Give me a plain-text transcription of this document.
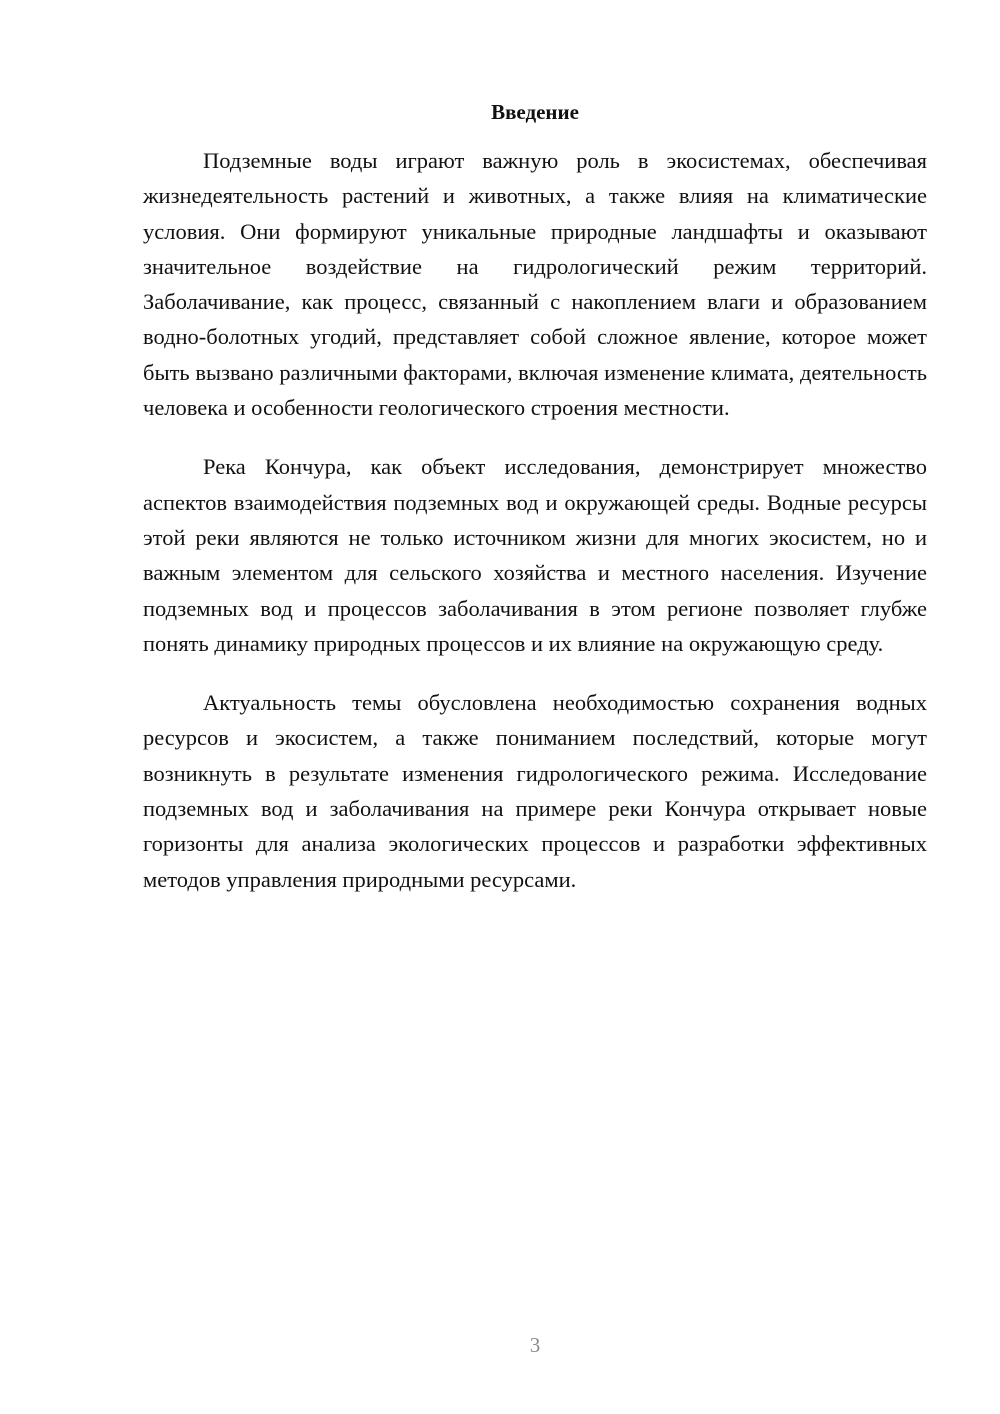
Введение

Подземные воды играют важную роль в экосистемах, обеспечивая жизнедеятельность растений и животных, а также влияя на климатические условия. Они формируют уникальные природные ландшафты и оказывают значительное воздействие на гидрологический режим территорий. Заболачивание, как процесс, связанный с накоплением влаги и образованием водно-болотных угодий, представляет собой сложное явление, которое может быть вызвано различными факторами, включая изменение климата, деятельность человека и особенности геологического строения местности.

Река Кончура, как объект исследования, демонстрирует множество аспектов взаимодействия подземных вод и окружающей среды. Водные ресурсы этой реки являются не только источником жизни для многих экосистем, но и важным элементом для сельского хозяйства и местного населения. Изучение подземных вод и процессов заболачивания в этом регионе позволяет глубже понять динамику природных процессов и их влияние на окружающую среду.

Актуальность темы обусловлена необходимостью сохранения водных ресурсов и экосистем, а также пониманием последствий, которые могут возникнуть в результате изменения гидрологического режима. Исследование подземных вод и заболачивания на примере реки Кончура открывает новые горизонты для анализа экологических процессов и разработки эффективных методов управления природными ресурсами.

3
